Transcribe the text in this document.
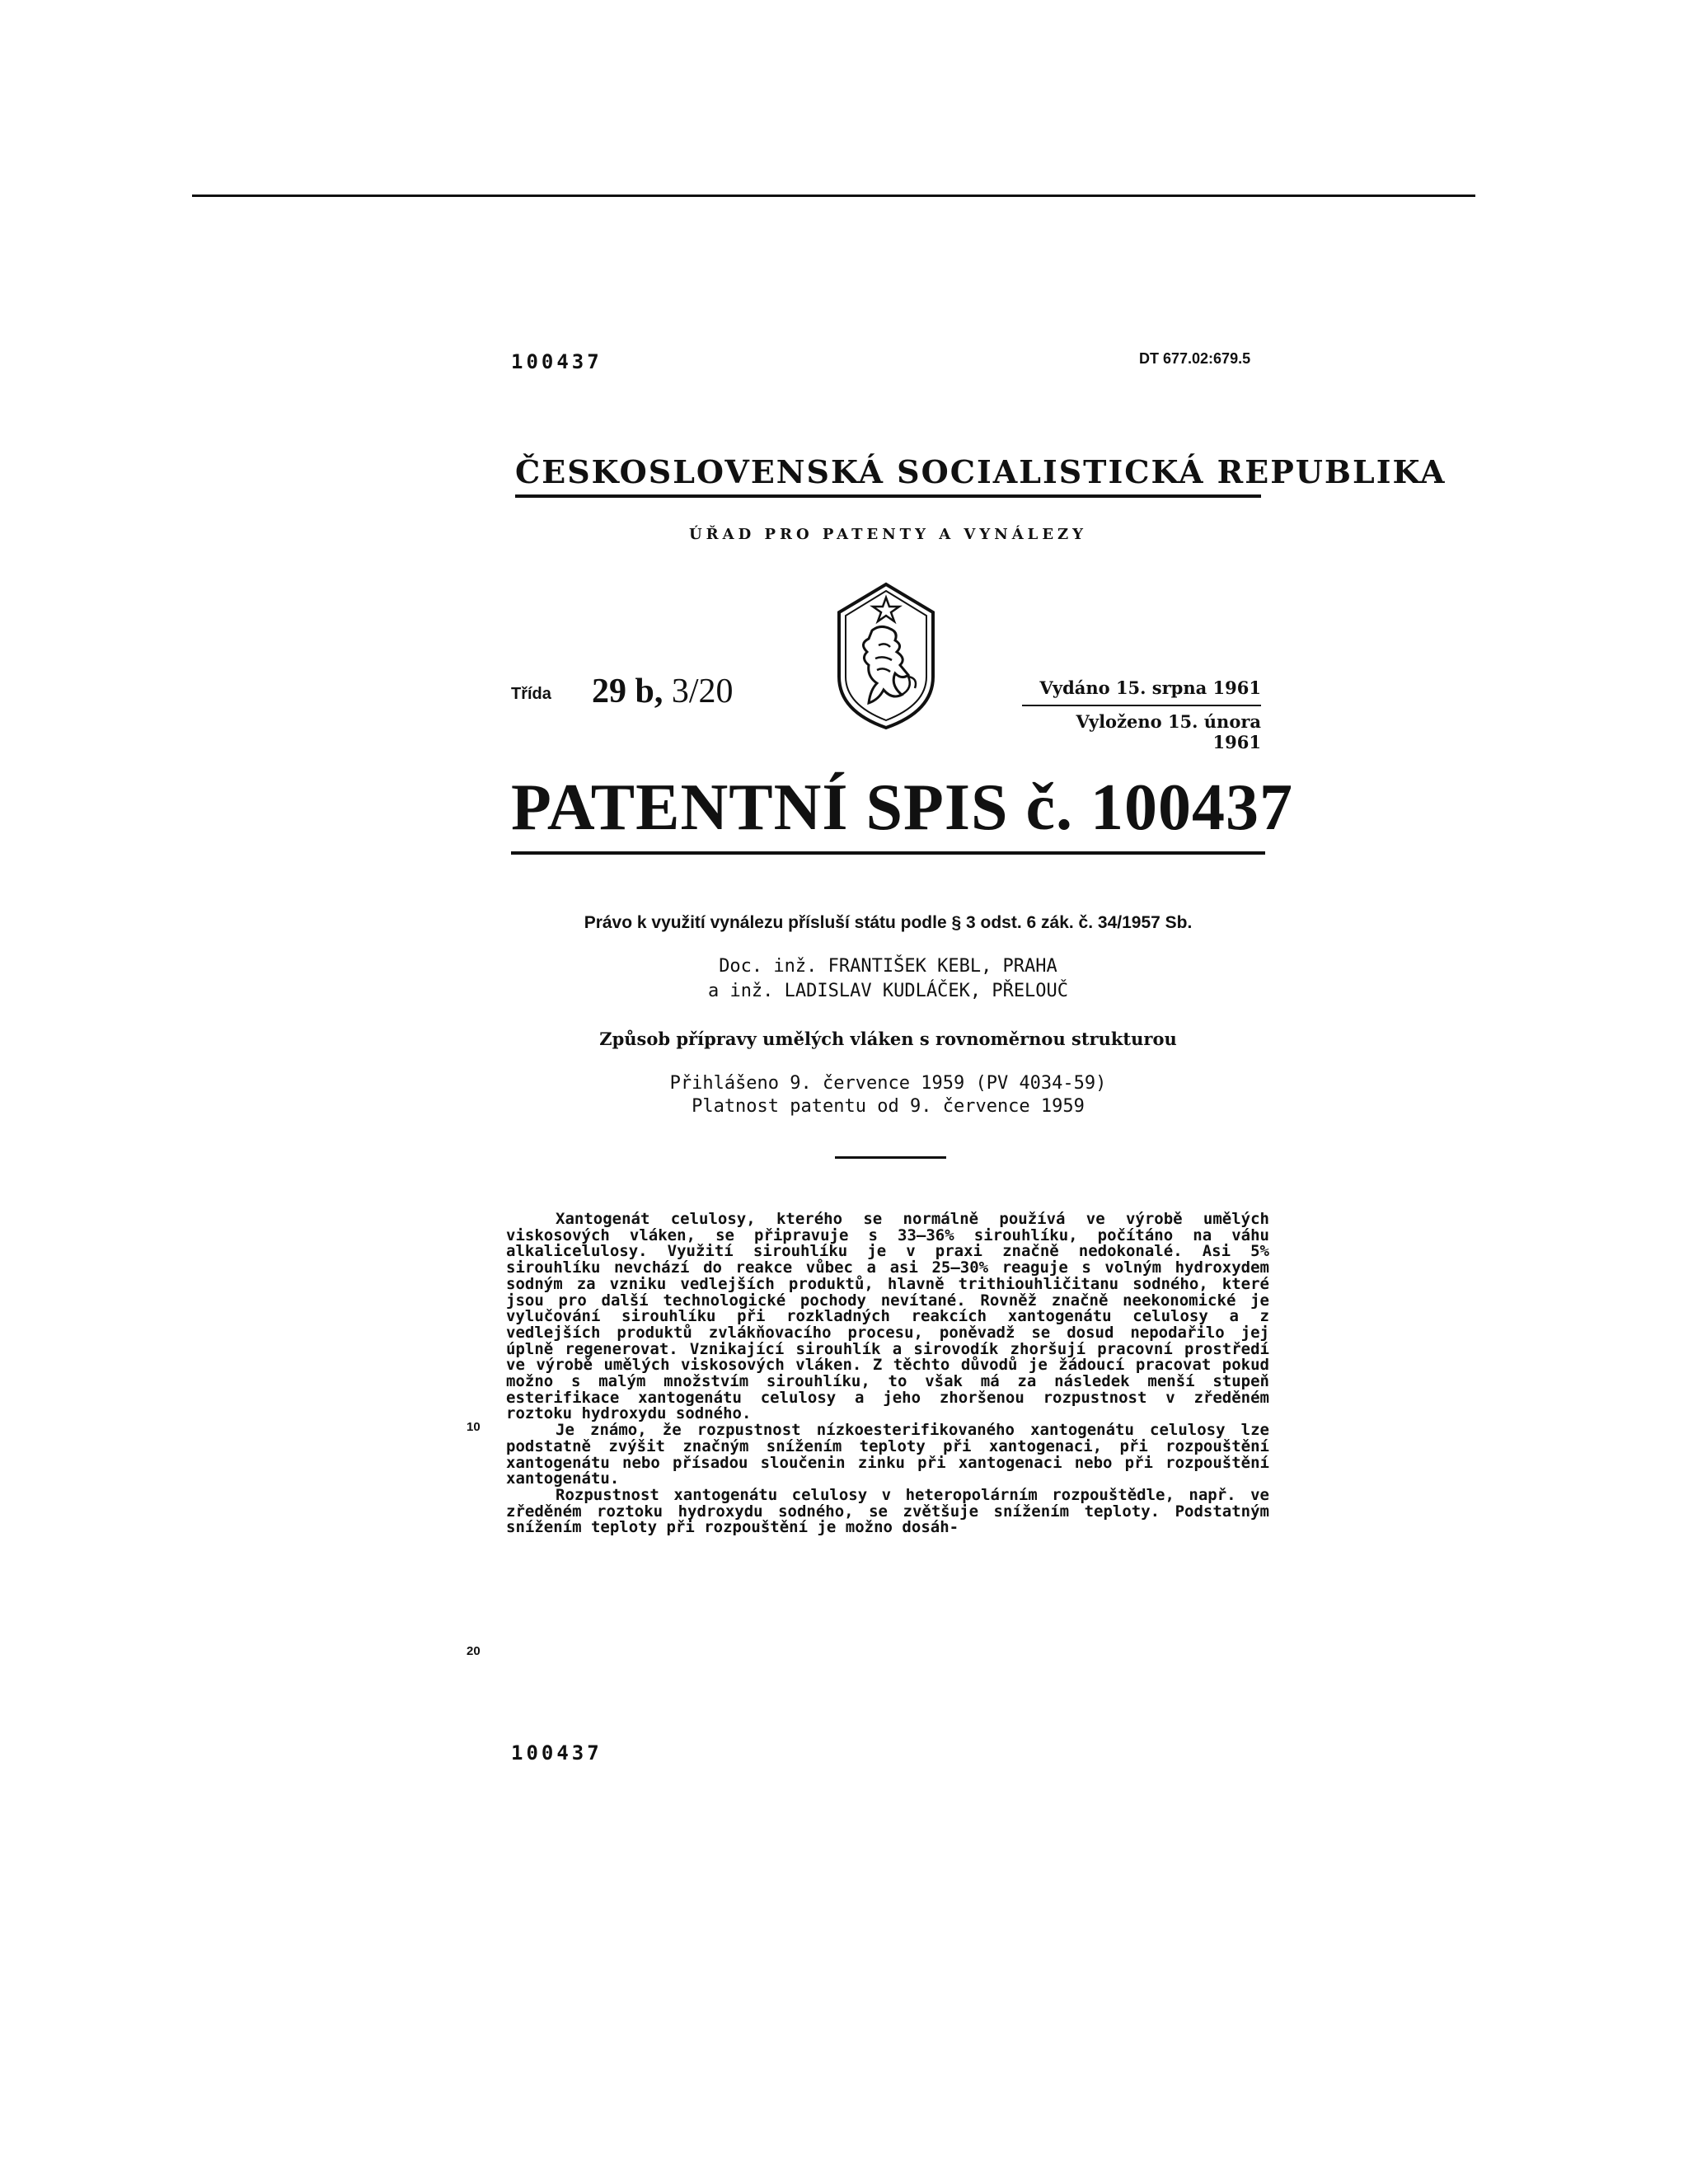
100437	DT 677.02:679.5
ČESKOSLOVENSKÁ SOCIALISTICKÁ REPUBLIKA
ÚŘAD PRO PATENTY A VYNÁLEZY
Třída 29 b, 3/20	Vydáno 15. srpna 1961
Vyloženo 15. února 1961
PATENTNÍ SPIS č. 100437
Právo k využití vynálezu přísluší státu podle § 3 odst. 6 zák. č. 34/1957 Sb.
Doc. inž. FRANTIŠEK KEBL, PRAHA
a inž. LADISLAV KUDLÁČEK, PŘELOUČ
Způsob přípravy umělých vláken s rovnoměrnou strukturou
Přihlášeno 9. července 1959 (PV 4034-59)
Platnost patentu od 9. července 1959

Xantogenát celulosy, kterého se normálně používá ve výrobě umělých viskosových vláken, se připravuje s 33—36% sirouhlíku, počítáno na váhu alkalicelulosy. Využití sirouhlíku je v praxi značně nedokonalé. Asi 5% sirouhlíku nevchází do reakce vůbec a asi 25—30% reaguje s volným hydroxydem sodným za vzniku vedlejších produktů, hlavně trithiouhličitanu sodného, které jsou pro další technologické pochody nevítané. Rovněž značně neekonomické je vylučování sirouhlíku při rozkladných reakcích xantogenátu celulosy a z vedlejších produktů zvlákňovacího procesu, poněvadž se dosud nepodařilo jej úplně regenerovat. Vznikající sirouhlík a sirovodík zhoršují pracovní prostředí ve výrobě umělých viskosových vláken. Z těchto důvodů je žádoucí pracovat pokud možno s malým množstvím sirouhlíku, to však má za následek menší stupeň esterifikace xantogenátu celulosy a jeho zhoršenou rozpustnost v zředěném roztoku hydroxydu sodného.

Je známo, že rozpustnost nízkoesterifikovaného xantogenátu celulosy lze podstatně zvýšit značným snížením teploty při xantogenaci, při rozpouštění xantogenátu nebo přísadou sloučenin zinku při xantogenaci nebo při rozpouštění xantogenátu.

Rozpustnost xantogenátu celulosy v heteropolárním rozpouštědle, např. ve zředěném roztoku hydroxydu sodného, se zvětšuje snížením teploty. Podstatným snížením teploty při rozpouštění je možno dosáh-

10
20
100437
